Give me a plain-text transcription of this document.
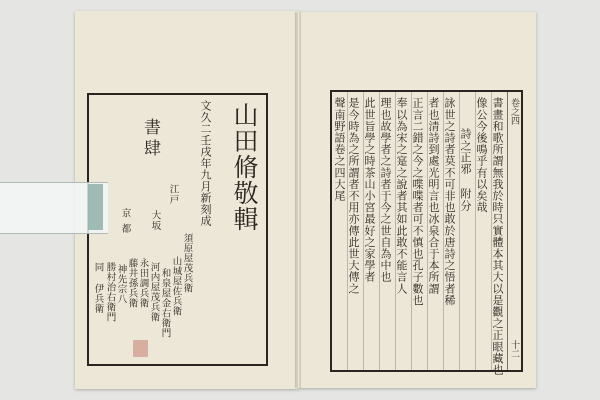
山田脩敬輯
文久二壬戌年九月新刻成
書肆
江戸
大坂
京都
須原屋茂兵衛
山城屋佐兵衛
和泉屋金右衛門
河内屋茂兵衛
永田調兵衛
藤井孫兵衛
神先宗八
勝村治右衛門
同 伊兵衛
卷之四
十二
書畫和歌所謂無我於時只實體本其大以是觀之正眼藏也
像公今後鳴乎有以矣哉
詩之正邪 附分
詠世之詩者莫不可非也敢於唐詩之悟者稀
者也清詩到處光明言也冰泉合于本所謂
正言二錯之今之喋喋者可不慎也孔子數也
奉以為宋之寔之說者其如此敢不能言人
理也故學者之詩者于今之世自為中也
此世旨學之時茶山小宮最好之家學者
是今時為之所謂者不用亦傳此世大傳之
聲南野語卷之四大尾
